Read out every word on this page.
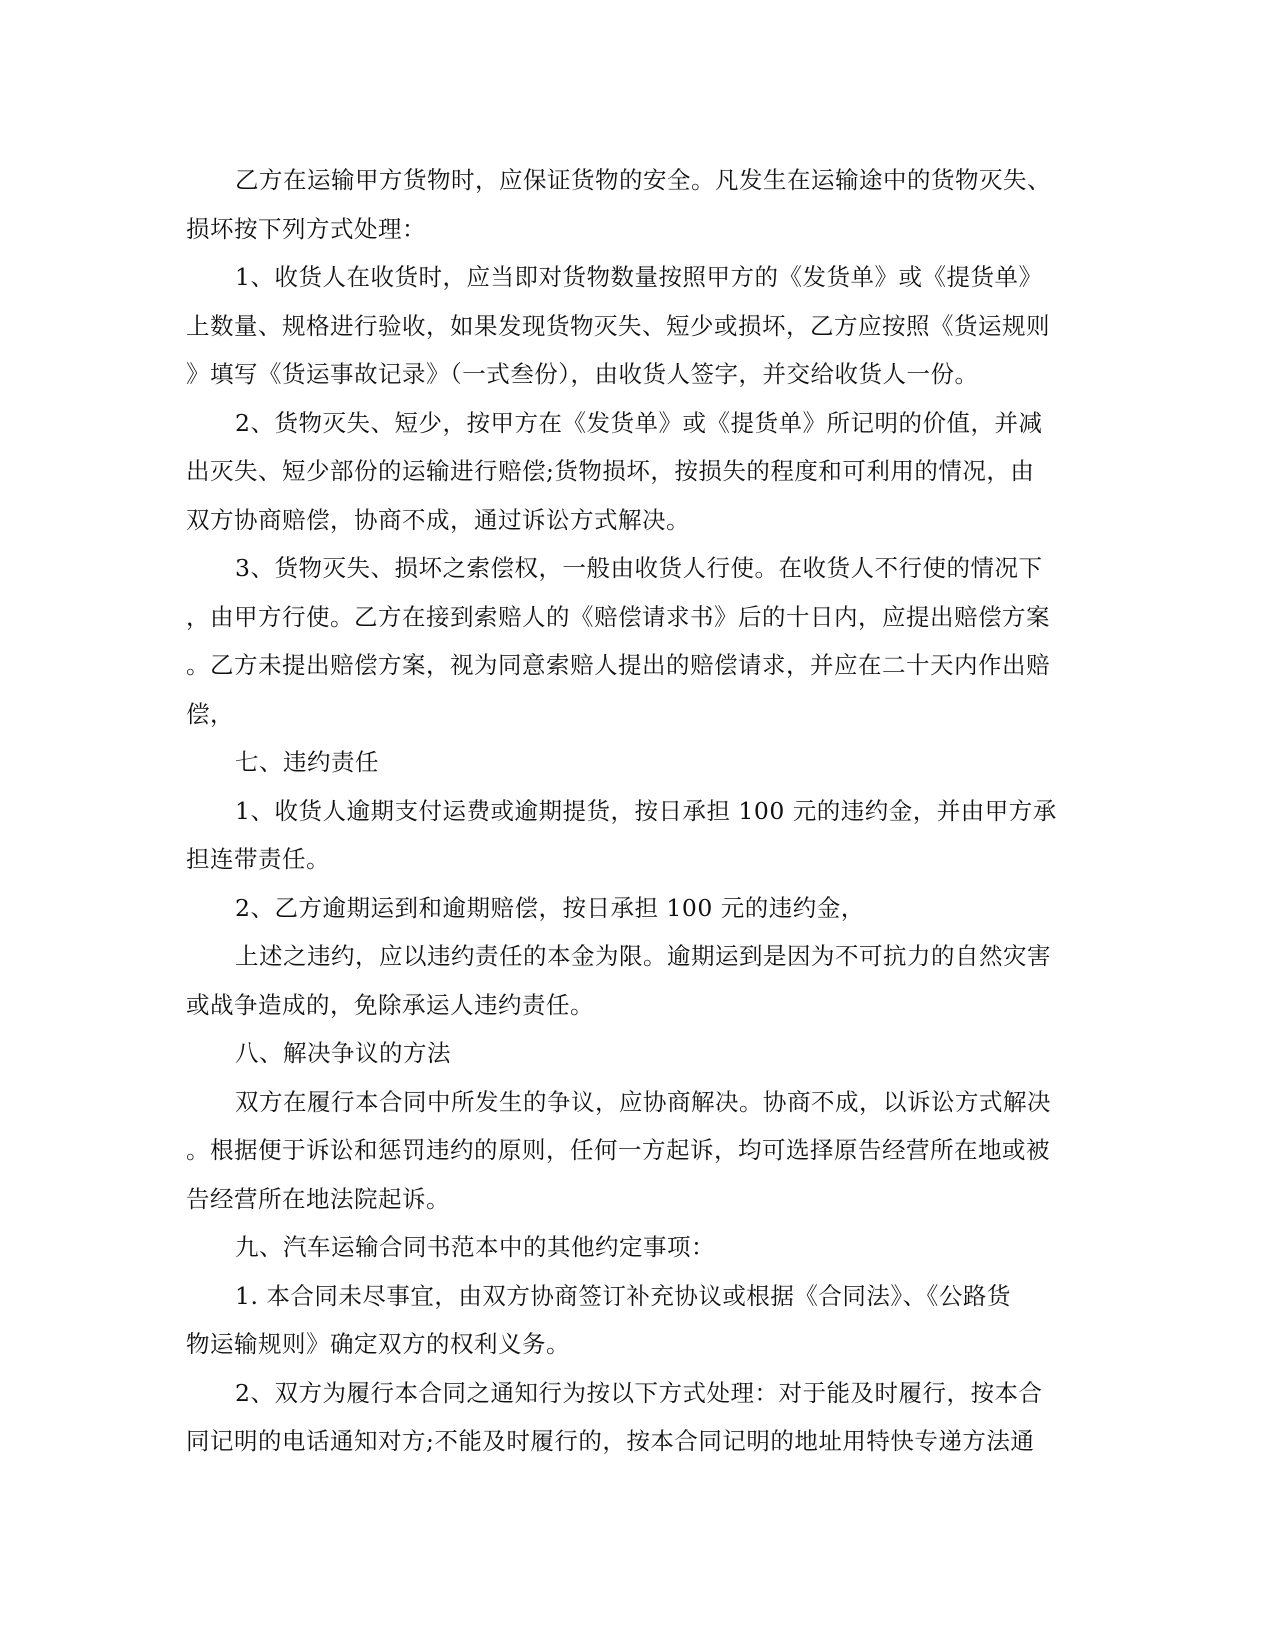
乙方在运输甲方货物时，应保证货物的安全。凡发生在运输途中的货物灭失、
损坏按下列方式处理：
1、收货人在收货时，应当即对货物数量按照甲方的《发货单》或《提货单》
上数量、规格进行验收，如果发现货物灭失、短少或损坏，乙方应按照《货运规则
》填写《货运事故记录》（一式叁份），由收货人签字，并交给收货人一份。
2、货物灭失、短少，按甲方在《发货单》或《提货单》所记明的价值，并减
出灭失、短少部份的运输进行赔偿;货物损坏，按损失的程度和可利用的情况，由
双方协商赔偿，协商不成，通过诉讼方式解决。
3、货物灭失、损坏之索偿权，一般由收货人行使。在收货人不行使的情况下
，由甲方行使。乙方在接到索赔人的《赔偿请求书》后的十日内，应提出赔偿方案
。乙方未提出赔偿方案，视为同意索赔人提出的赔偿请求，并应在二十天内作出赔
偿，
七、违约责任
1、收货人逾期支付运费或逾期提货，按日承担 100 元的违约金，并由甲方承
担连带责任。
2、乙方逾期运到和逾期赔偿，按日承担 100 元的违约金，
上述之违约，应以违约责任的本金为限。逾期运到是因为不可抗力的自然灾害
或战争造成的，免除承运人违约责任。
八、解决争议的方法
双方在履行本合同中所发生的争议，应协商解决。协商不成，以诉讼方式解决
。根据便于诉讼和惩罚违约的原则，任何一方起诉，均可选择原告经营所在地或被
告经营所在地法院起诉。
九、汽车运输合同书范本中的其他约定事项：
1. 本合同未尽事宜，由双方协商签订补充协议或根据《合同法》、《公路货
物运输规则》确定双方的权利义务。
2、双方为履行本合同之通知行为按以下方式处理：对于能及时履行，按本合
同记明的电话通知对方;不能及时履行的，按本合同记明的地址用特快专递方法通
